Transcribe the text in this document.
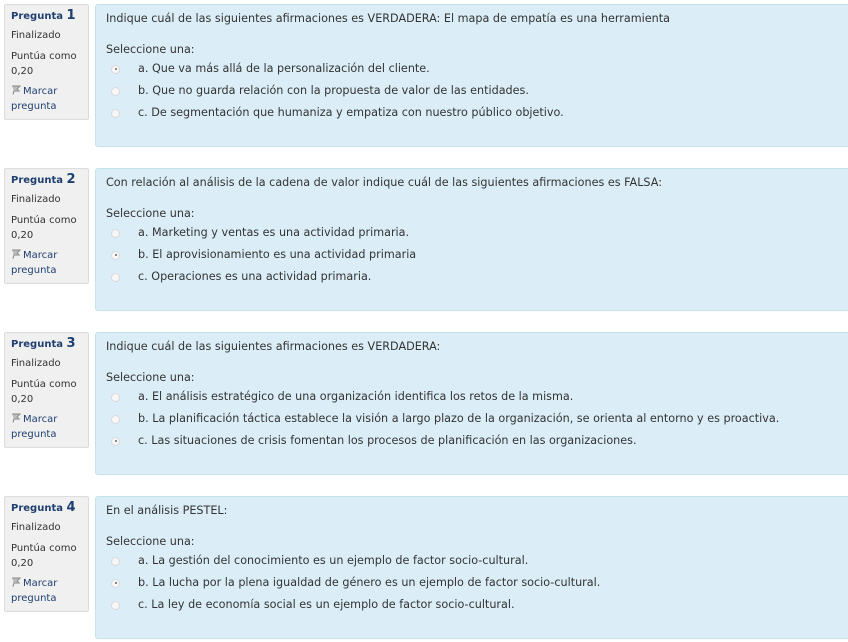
Pregunta 1
Finalizado
Puntúa como
0,20
Marcar pregunta
Indique cuál de las siguientes afirmaciones es VERDADERA: El mapa de empatía es una herramienta
Seleccione una:
a. Que va más allá de la personalización del cliente.
b. Que no guarda relación con la propuesta de valor de las entidades.
c. De segmentación que humaniza y empatiza con nuestro público objetivo.
Pregunta 2
Finalizado
Puntúa como
0,20
Marcar pregunta
Con relación al análisis de la cadena de valor indique cuál de las siguientes afirmaciones es FALSA:
Seleccione una:
a. Marketing y ventas es una actividad primaria.
b. El aprovisionamiento es una actividad primaria
c. Operaciones es una actividad primaria.
Pregunta 3
Finalizado
Puntúa como
0,20
Marcar pregunta
Indique cuál de las siguientes afirmaciones es VERDADERA:
Seleccione una:
a. El análisis estratégico de una organización identifica los retos de la misma.
b. La planificación táctica establece la visión a largo plazo de la organización, se orienta al entorno y es proactiva.
c. Las situaciones de crisis fomentan los procesos de planificación en las organizaciones.
Pregunta 4
Finalizado
Puntúa como
0,20
Marcar pregunta
En el análisis PESTEL:
Seleccione una:
a. La gestión del conocimiento es un ejemplo de factor socio-cultural.
b. La lucha por la plena igualdad de género es un ejemplo de factor socio-cultural.
c. La ley de economía social es un ejemplo de factor socio-cultural.
